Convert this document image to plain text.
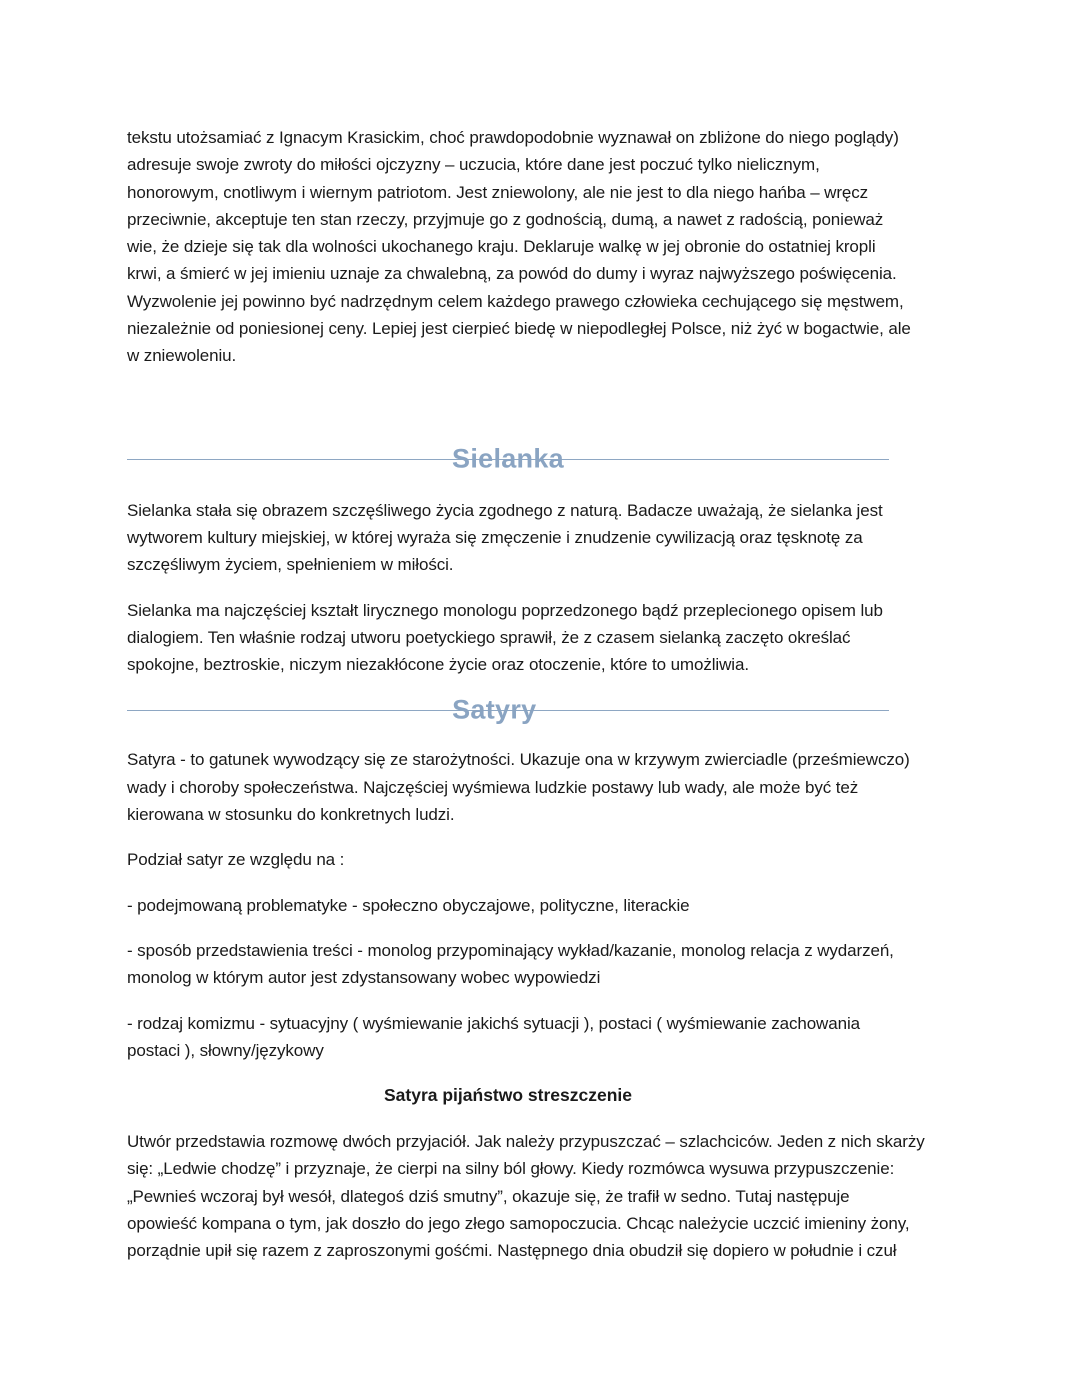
tekstu utożsamiać z Ignacym Krasickim, choć prawdopodobnie wyznawał on zbliżone do niego poglądy)
adresuje swoje zwroty do miłości ojczyzny – uczucia, które dane jest poczuć tylko nielicznym,
honorowym, cnotliwym i wiernym patriotom. Jest zniewolony, ale nie jest to dla niego hańba – wręcz
przeciwnie, akceptuje ten stan rzeczy, przyjmuje go z godnością, dumą, a nawet z radością, ponieważ
wie, że dzieje się tak dla wolności ukochanego kraju. Deklaruje walkę w jej obronie do ostatniej kropli
krwi, a śmierć w jej imieniu uznaje za chwalebną, za powód do dumy i wyraz najwyższego poświęcenia.
Wyzwolenie jej powinno być nadrzędnym celem każdego prawego człowieka cechującego się męstwem,
niezależnie od poniesionej ceny. Lepiej jest cierpieć biedę w niepodległej Polsce, niż żyć w bogactwie, ale
w zniewoleniu.

Sielanka

Sielanka stała się obrazem szczęśliwego życia zgodnego z naturą. Badacze uważają, że sielanka jest
wytworem kultury miejskiej, w której wyraża się zmęczenie i znudzenie cywilizacją oraz tęsknotę za
szczęśliwym życiem, spełnieniem w miłości.

Sielanka ma najczęściej kształt lirycznego monologu poprzedzonego bądź przeplecionego opisem lub
dialogiem. Ten właśnie rodzaj utworu poetyckiego sprawił, że z czasem sielanką zaczęto określać
spokojne, beztroskie, niczym niezakłócone życie oraz otoczenie, które to umożliwia.

Satyry

Satyra - to gatunek wywodzący się ze starożytności. Ukazuje ona w krzywym zwierciadle (prześmiewczo)
wady i choroby społeczeństwa. Najczęściej wyśmiewa ludzkie postawy lub wady, ale może być też
kierowana w stosunku do konkretnych ludzi.

Podział satyr ze względu na :

- podejmowaną problematyke - społeczno obyczajowe, polityczne, literackie

- sposób przedstawienia treści - monolog przypominający wykład/kazanie, monolog relacja z wydarzeń,
monolog w którym autor jest zdystansowany wobec wypowiedzi

- rodzaj komizmu - sytuacyjny ( wyśmiewanie jakichś sytuacji ), postaci ( wyśmiewanie zachowania
postaci ), słowny/językowy

Satyra pijaństwo streszczenie

Utwór przedstawia rozmowę dwóch przyjaciół. Jak należy przypuszczać – szlachciców. Jeden z nich skarży
się: „Ledwie chodzę” i przyznaje, że cierpi na silny ból głowy. Kiedy rozmówca wysuwa przypuszczenie:
„Pewnieś wczoraj był wesół, dlategoś dziś smutny”, okazuje się, że trafił w sedno. Tutaj następuje
opowieść kompana o tym, jak doszło do jego złego samopoczucia. Chcąc należycie uczcić imieniny żony,
porządnie upił się razem z zaproszonymi gośćmi. Następnego dnia obudził się dopiero w południe i czuł
